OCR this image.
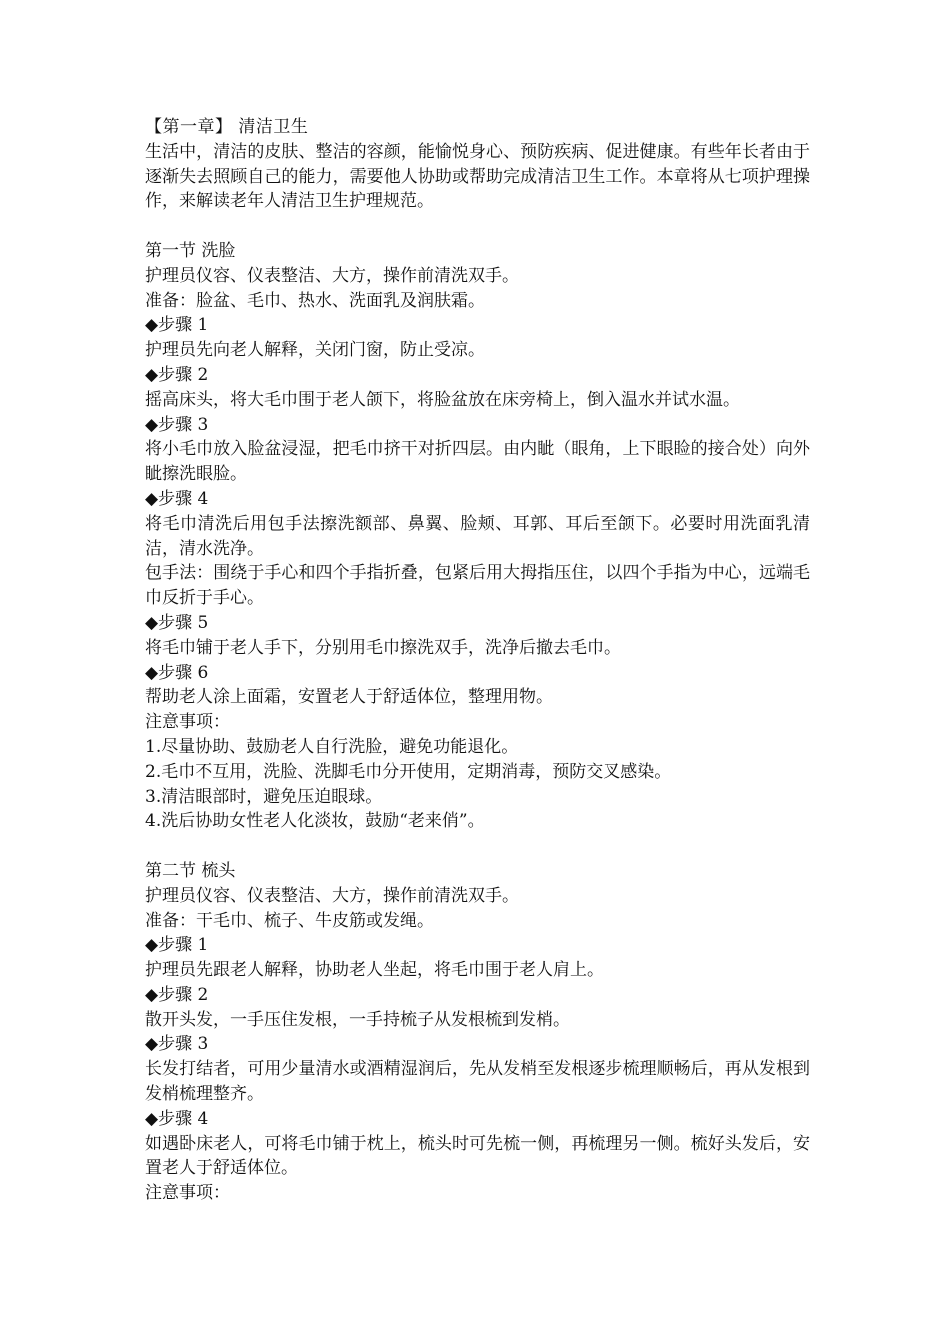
【第一章】 清洁卫生

生活中，清洁的皮肤、整洁的容颜，能愉悦身心、预防疾病、促进健康。有些年长者由于逐渐失去照顾自己的能力，需要他人协助或帮助完成清洁卫生工作。本章将从七项护理操作，来解读老年人清洁卫生护理规范。

第一节 洗脸

护理员仪容、仪表整洁、大方，操作前清洗双手。

准备：脸盆、毛巾、热水、洗面乳及润肤霜。

◆步骤 1

护理员先向老人解释，关闭门窗，防止受凉。

◆步骤 2

摇高床头，将大毛巾围于老人颌下，将脸盆放在床旁椅上，倒入温水并试水温。

◆步骤 3

将小毛巾放入脸盆浸湿，把毛巾挤干对折四层。由内眦（眼角，上下眼睑的接合处）向外眦擦洗眼脸。

◆步骤 4

将毛巾清洗后用包手法擦洗额部、鼻翼、脸颊、耳郭、耳后至颌下。必要时用洗面乳清洁，清水洗净。

包手法：围绕于手心和四个手指折叠，包紧后用大拇指压住，以四个手指为中心，远端毛巾反折于手心。

◆步骤 5

将毛巾铺于老人手下，分别用毛巾擦洗双手，洗净后撤去毛巾。

◆步骤 6

帮助老人涂上面霜，安置老人于舒适体位，整理用物。

注意事项：

1.尽量协助、鼓励老人自行洗脸，避免功能退化。

2.毛巾不互用，洗脸、洗脚毛巾分开使用，定期消毒，预防交叉感染。

3.清洁眼部时，避免压迫眼球。

4.洗后协助女性老人化淡妆，鼓励“老来俏”。

第二节 梳头

护理员仪容、仪表整洁、大方，操作前清洗双手。

准备：干毛巾、梳子、牛皮筋或发绳。

◆步骤 1

护理员先跟老人解释，协助老人坐起，将毛巾围于老人肩上。

◆步骤 2

散开头发，一手压住发根，一手持梳子从发根梳到发梢。

◆步骤 3

长发打结者，可用少量清水或酒精湿润后，先从发梢至发根逐步梳理顺畅后，再从发根到发梢梳理整齐。

◆步骤 4

如遇卧床老人，可将毛巾铺于枕上，梳头时可先梳一侧，再梳理另一侧。梳好头发后，安置老人于舒适体位。

注意事项：
